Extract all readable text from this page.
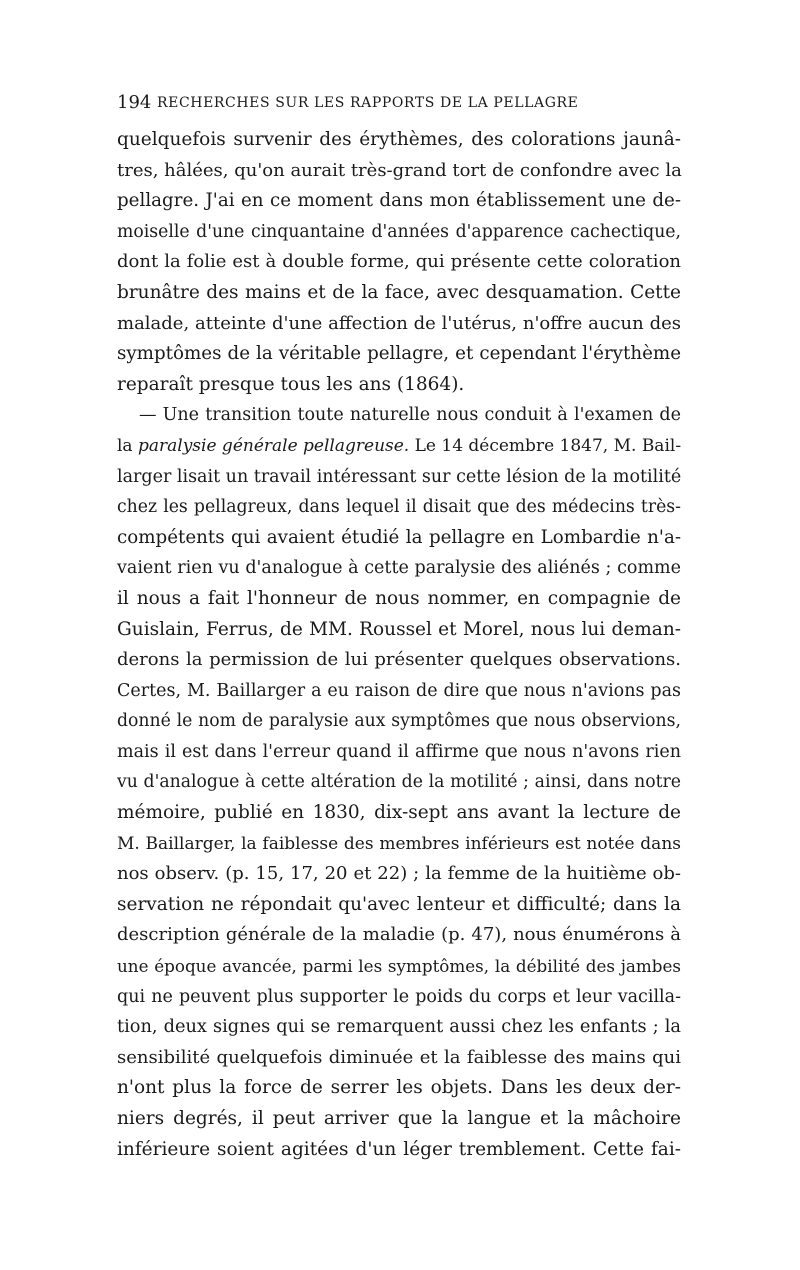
194 RECHERCHES SUR LES RAPPORTS DE LA PELLAGRE
quelquefois survenir des érythèmes, des colorations jaunâ-
tres, hâlées, qu'on aurait très-grand tort de confondre avec la
pellagre. J'ai en ce moment dans mon établissement une de-
moiselle d'une cinquantaine d'années d'apparence cachectique,
dont la folie est à double forme, qui présente cette coloration
brunâtre des mains et de la face, avec desquamation. Cette
malade, atteinte d'une affection de l'utérus, n'offre aucun des
symptômes de la véritable pellagre, et cependant l'érythème
reparaît presque tous les ans (1864).
— Une transition toute naturelle nous conduit à l'examen de
la paralysie générale pellagreuse. Le 14 décembre 1847, M. Bail-
larger lisait un travail intéressant sur cette lésion de la motilité
chez les pellagreux, dans lequel il disait que des médecins très-
compétents qui avaient étudié la pellagre en Lombardie n'a-
vaient rien vu d'analogue à cette paralysie des aliénés ; comme
il nous a fait l'honneur de nous nommer, en compagnie de
Guislain, Ferrus, de MM. Roussel et Morel, nous lui deman-
derons la permission de lui présenter quelques observations.
Certes, M. Baillarger a eu raison de dire que nous n'avions pas
donné le nom de paralysie aux symptômes que nous observions,
mais il est dans l'erreur quand il affirme que nous n'avons rien
vu d'analogue à cette altération de la motilité ; ainsi, dans notre
mémoire, publié en 1830, dix-sept ans avant la lecture de
M. Baillarger, la faiblesse des membres inférieurs est notée dans
nos observ. (p. 15, 17, 20 et 22) ; la femme de la huitième ob-
servation ne répondait qu'avec lenteur et difficulté; dans la
description générale de la maladie (p. 47), nous énumérons à
une époque avancée, parmi les symptômes, la débilité des jambes
qui ne peuvent plus supporter le poids du corps et leur vacilla-
tion, deux signes qui se remarquent aussi chez les enfants ; la
sensibilité quelquefois diminuée et la faiblesse des mains qui
n'ont plus la force de serrer les objets. Dans les deux der-
niers degrés, il peut arriver que la langue et la mâchoire
inférieure soient agitées d'un léger tremblement. Cette fai-
